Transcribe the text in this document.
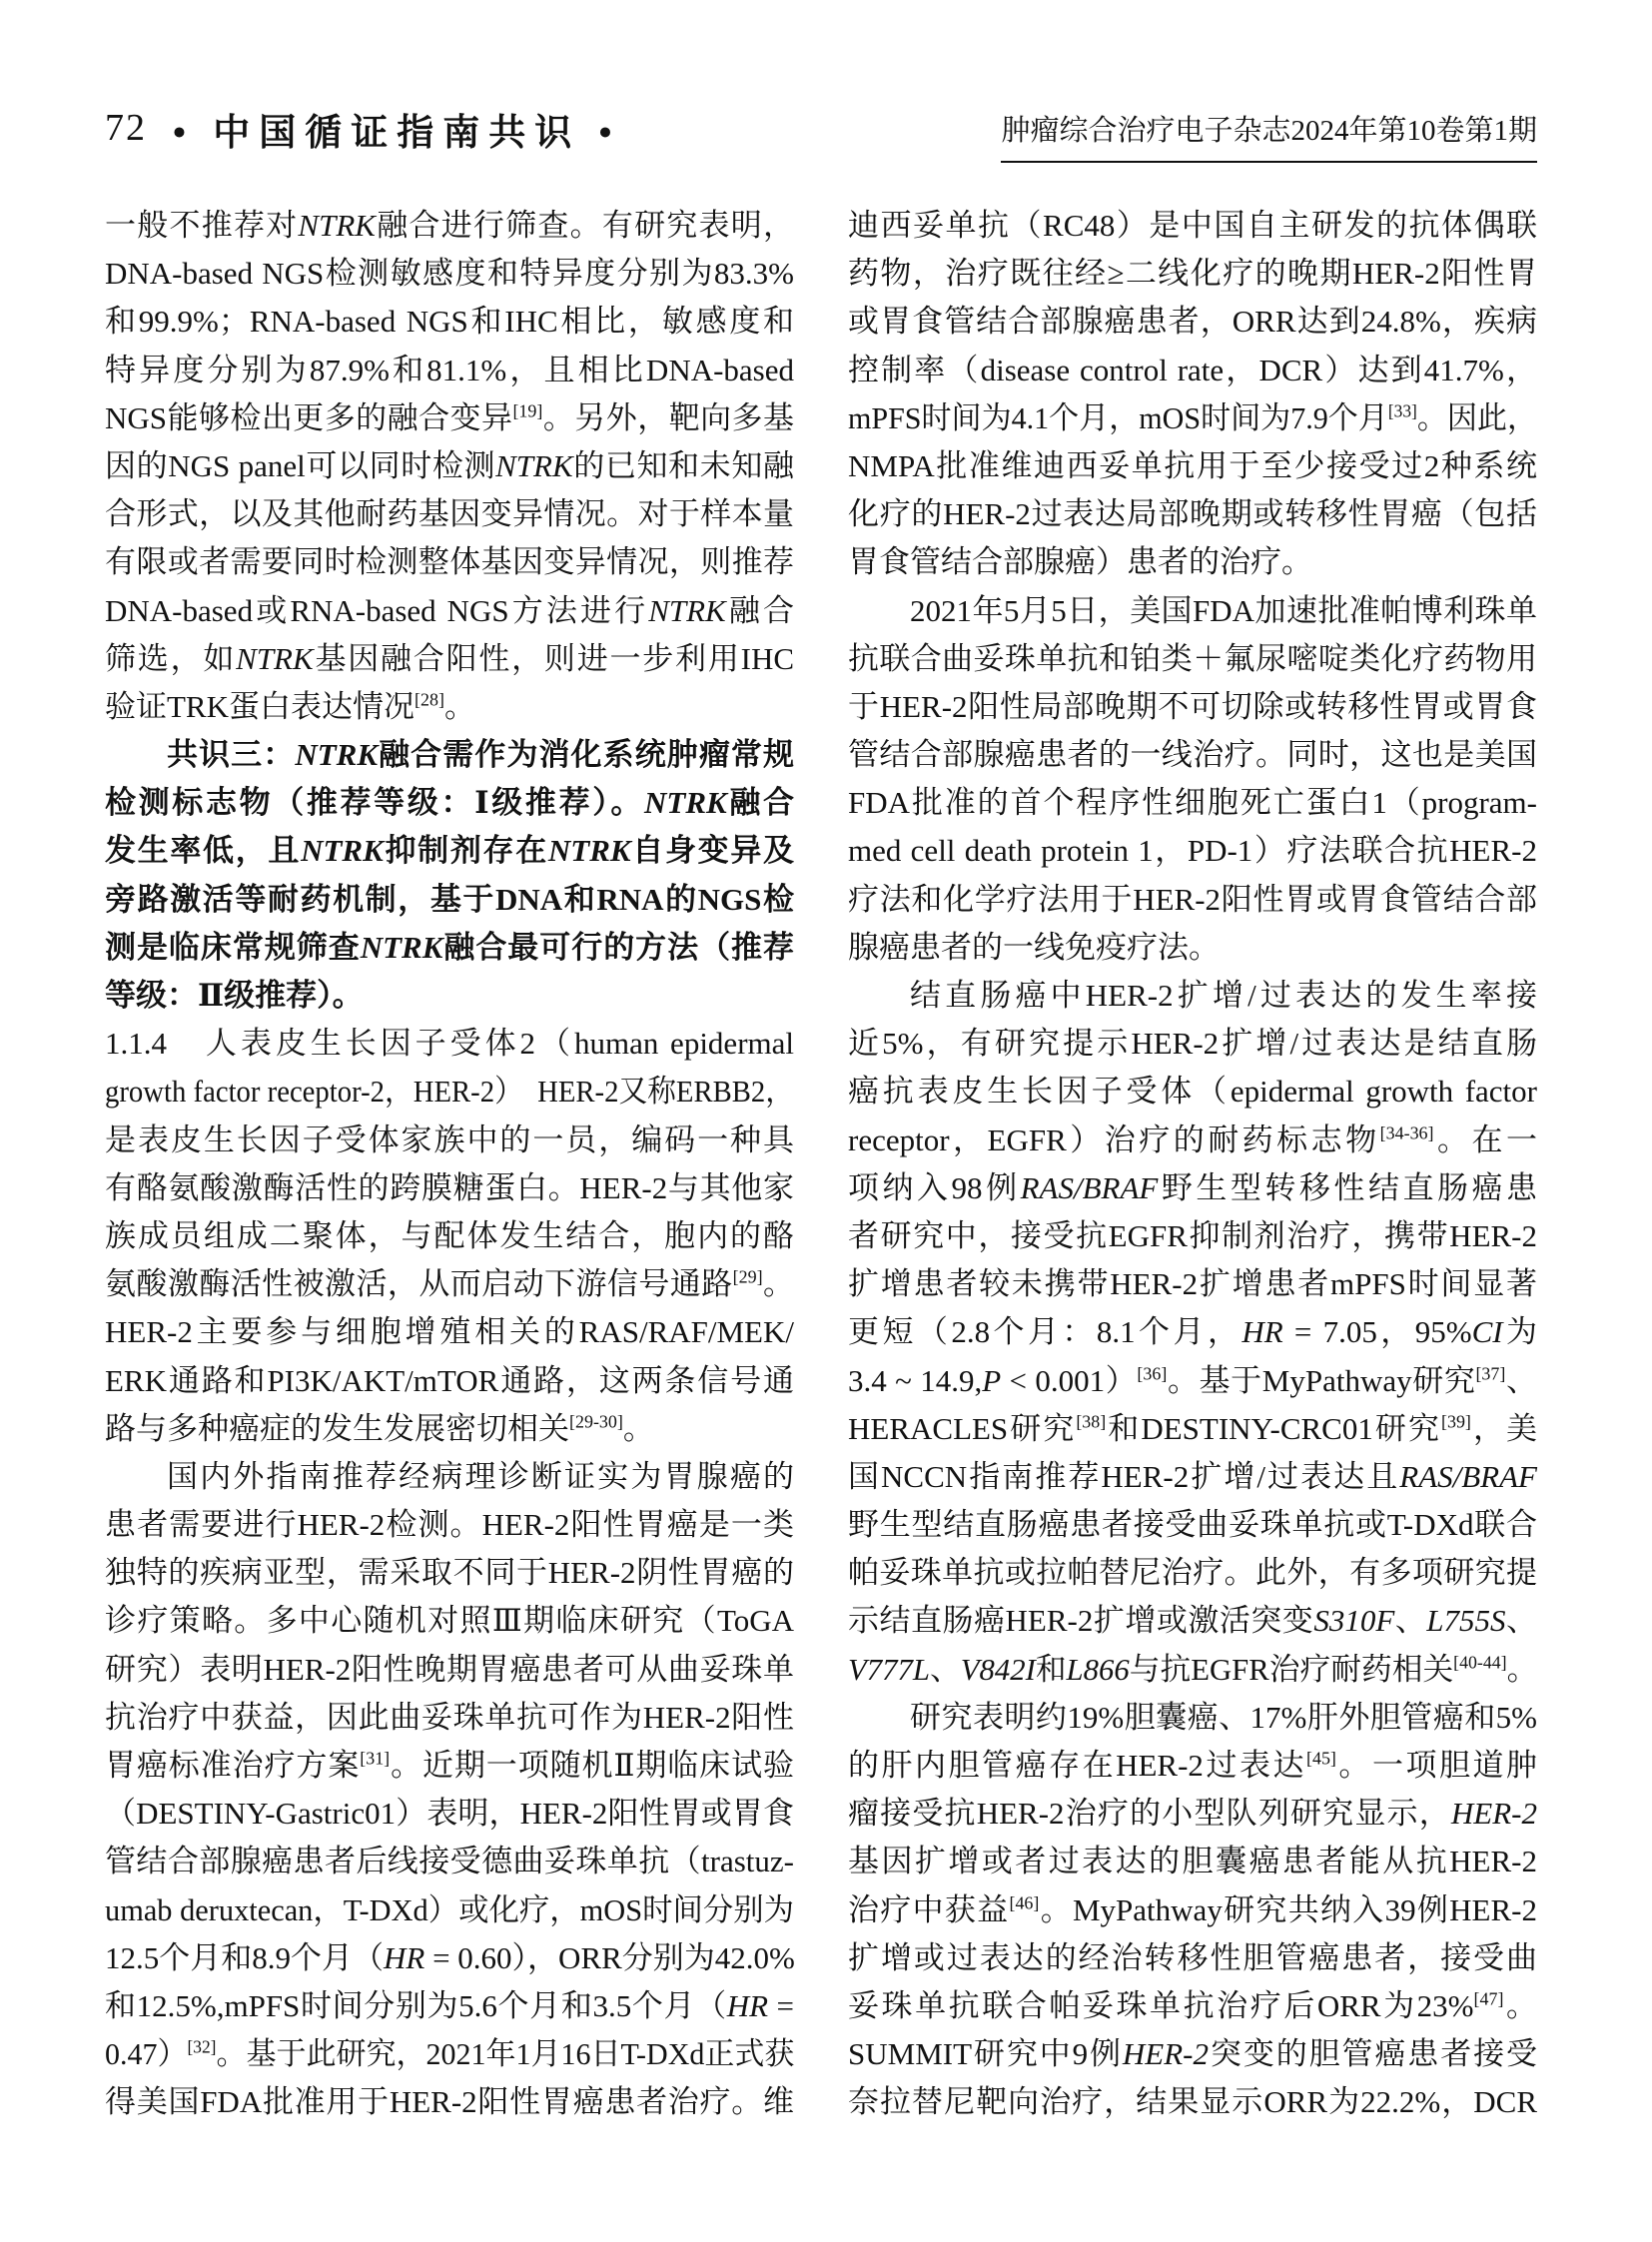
72 • 中国循证指南共识 •	肿瘤综合治疗电子杂志2024年第10卷第1期
一般不推荐对NTRK融合进行筛查。有研究表明，
DNA-based NGS检测敏感度和特异度分别为83.3%
和99.9%；RNA-based NGS和IHC相比，敏感度和
特异度分别为87.9%和81.1%，且相比DNA-based
NGS能够检出更多的融合变异[19]。另外，靶向多基
因的NGS panel可以同时检测NTRK的已知和未知融
合形式，以及其他耐药基因变异情况。对于样本量
有限或者需要同时检测整体基因变异情况，则推荐
DNA-based或RNA-based NGS方法进行NTRK融合
筛选，如NTRK基因融合阳性，则进一步利用IHC
验证TRK蛋白表达情况[28]。
共识三：NTRK融合需作为消化系统肿瘤常规
检测标志物（推荐等级：Ⅰ级推荐）。NTRK融合
发生率低，且NTRK抑制剂存在NTRK自身变异及
旁路激活等耐药机制，基于DNA和RNA的NGS检
测是临床常规筛查NTRK融合最可行的方法（推荐
等级：Ⅱ级推荐）。
1.1.4　人表皮生长因子受体2（human epidermal
growth factor receptor-2，HER-2）　HER-2又称ERBB2，
是表皮生长因子受体家族中的一员，编码一种具
有酪氨酸激酶活性的跨膜糖蛋白。HER-2与其他家
族成员组成二聚体，与配体发生结合，胞内的酪
氨酸激酶活性被激活，从而启动下游信号通路[29]。
HER-2主要参与细胞增殖相关的RAS/RAF/MEK/
ERK通路和PI3K/AKT/mTOR通路，这两条信号通
路与多种癌症的发生发展密切相关[29-30]。
国内外指南推荐经病理诊断证实为胃腺癌的
患者需要进行HER-2检测。HER-2阳性胃癌是一类
独特的疾病亚型，需采取不同于HER-2阴性胃癌的
诊疗策略。多中心随机对照Ⅲ期临床研究（ToGA
研究）表明HER-2阳性晚期胃癌患者可从曲妥珠单
抗治疗中获益，因此曲妥珠单抗可作为HER-2阳性
胃癌标准治疗方案[31]。近期一项随机Ⅱ期临床试验
（DESTINY-Gastric01）表明，HER-2阳性胃或胃食
管结合部腺癌患者后线接受德曲妥珠单抗（trastuz-
umab deruxtecan，T-DXd）或化疗，mOS时间分别为
12.5个月和8.9个月（HR = 0.60），ORR分别为42.0%
和12.5%,mPFS时间分别为5.6个月和3.5个月（HR =
0.47）[32]。基于此研究，2021年1月16日T-DXd正式获
得美国FDA批准用于HER-2阳性胃癌患者治疗。维
迪西妥单抗（RC48）是中国自主研发的抗体偶联
药物，治疗既往经≥二线化疗的晚期HER-2阳性胃
或胃食管结合部腺癌患者，ORR达到24.8%，疾病
控制率（disease control rate，DCR）达到41.7%，
mPFS时间为4.1个月，mOS时间为7.9个月[33]。因此，
NMPA批准维迪西妥单抗用于至少接受过2种系统
化疗的HER-2过表达局部晚期或转移性胃癌（包括
胃食管结合部腺癌）患者的治疗。
2021年5月5日，美国FDA加速批准帕博利珠单
抗联合曲妥珠单抗和铂类＋氟尿嘧啶类化疗药物用
于HER-2阳性局部晚期不可切除或转移性胃或胃食
管结合部腺癌患者的一线治疗。同时，这也是美国
FDA批准的首个程序性细胞死亡蛋白1（program-
med cell death protein 1，PD-1）疗法联合抗HER-2
疗法和化学疗法用于HER-2阳性胃或胃食管结合部
腺癌患者的一线免疫疗法。
结直肠癌中HER-2扩增/过表达的发生率接
近5%，有研究提示HER-2扩增/过表达是结直肠
癌抗表皮生长因子受体（epidermal growth factor
receptor，EGFR）治疗的耐药标志物[34-36]。在一
项纳入98例RAS/BRAF野生型转移性结直肠癌患
者研究中，接受抗EGFR抑制剂治疗，携带HER-2
扩增患者较未携带HER-2扩增患者mPFS时间显著
更短（2.8个月：8.1个月，HR = 7.05，95%CI为
3.4 ~ 14.9,P < 0.001）[36]。基于MyPathway研究[37]、
HERACLES研究[38]和DESTINY-CRC01研究[39]，美
国NCCN指南推荐HER-2扩增/过表达且RAS/BRAF
野生型结直肠癌患者接受曲妥珠单抗或T-DXd联合
帕妥珠单抗或拉帕替尼治疗。此外，有多项研究提
示结直肠癌HER-2扩增或激活突变S310F、L755S、
V777L、V842I和L866与抗EGFR治疗耐药相关[40-44]。
研究表明约19%胆囊癌、17%肝外胆管癌和5%
的肝内胆管癌存在HER-2过表达[45]。一项胆道肿
瘤接受抗HER-2治疗的小型队列研究显示，HER-2
基因扩增或者过表达的胆囊癌患者能从抗HER-2
治疗中获益[46]。MyPathway研究共纳入39例HER-2
扩增或过表达的经治转移性胆管癌患者，接受曲
妥珠单抗联合帕妥珠单抗治疗后ORR为23%[47]。
SUMMIT研究中9例HER-2突变的胆管癌患者接受
奈拉替尼靶向治疗，结果显示ORR为22.2%，DCR
